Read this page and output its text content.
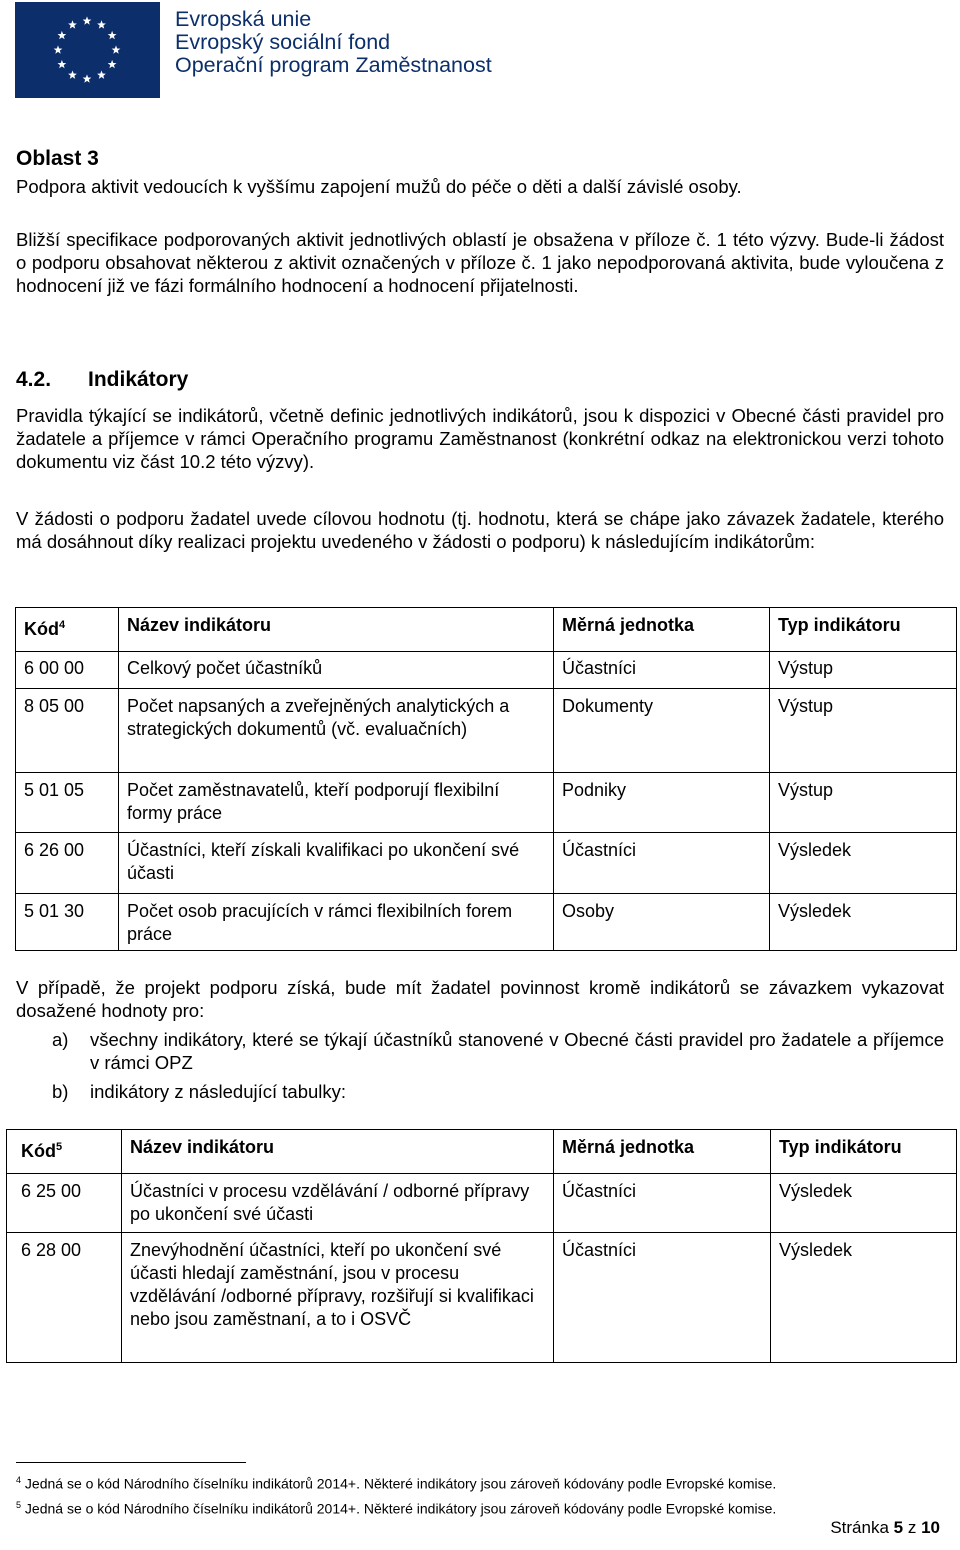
Evropská unie
Evropský sociální fond
Operační program Zaměstnanost
Oblast 3
Podpora aktivit vedoucích k vyššímu zapojení mužů do péče o děti a další závislé osoby.
Bližší specifikace podporovaných aktivit jednotlivých oblastí je obsažena v příloze č. 1 této výzvy. Bude-li žádost o podporu obsahovat některou z aktivit označených v příloze č. 1 jako nepodporovaná aktivita, bude vyloučena z hodnocení již ve fázi formálního hodnocení a hodnocení přijatelnosti.
4.2. Indikátory
Pravidla týkající se indikátorů, včetně definic jednotlivých indikátorů, jsou k dispozici v Obecné části pravidel pro žadatele a příjemce v rámci Operačního programu Zaměstnanost (konkrétní odkaz na elektronickou verzi tohoto dokumentu viz část 10.2 této výzvy).
V žádosti o podporu žadatel uvede cílovou hodnotu (tj. hodnotu, která se chápe jako závazek žadatele, kterého má dosáhnout díky realizaci projektu uvedeného v žádosti o podporu) k následujícím indikátorům:
Kód$^4$	Název indikátoru	Měrná jednotka	Typ indikátoru
6 00 00	Celkový počet účastníků	Účastníci	Výstup
8 05 00	Počet napsaných a zveřejněných analytických a strategických dokumentů (vč. evaluačních)	Dokumenty	Výstup
5 01 05	Počet zaměstnavatelů, kteří podporují flexibilní formy práce	Podniky	Výstup
6 26 00	Účastníci, kteří získali kvalifikaci po ukončení své účasti	Účastníci	Výsledek
5 01 30	Počet osob pracujících v rámci flexibilních forem práce	Osoby	Výsledek
V případě, že projekt podporu získá, bude mít žadatel povinnost kromě indikátorů se závazkem vykazovat dosažené hodnoty pro:
a)	všechny indikátory, které se týkají účastníků stanovené v Obecné části pravidel pro žadatele a příjemce v rámci OPZ
b)	indikátory z následující tabulky:
Kód$^5$	Název indikátoru	Měrná jednotka	Typ indikátoru
6 25 00	Účastníci v procesu vzdělávání / odborné přípravy po ukončení své účasti	Účastníci	Výsledek
6 28 00	Znevýhodnění účastníci, kteří po ukončení své účasti hledají zaměstnání, jsou v procesu vzdělávání /odborné přípravy, rozšiřují si kvalifikaci nebo jsou zaměstnaní, a to i OSVČ	Účastníci	Výsledek
$^4$ Jedná se o kód Národního číselníku indikátorů 2014+. Některé indikátory jsou zároveň kódovány podle Evropské komise.
$^5$ Jedná se o kód Národního číselníku indikátorů 2014+. Některé indikátory jsou zároveň kódovány podle Evropské komise.
Stránka 5 z 10
